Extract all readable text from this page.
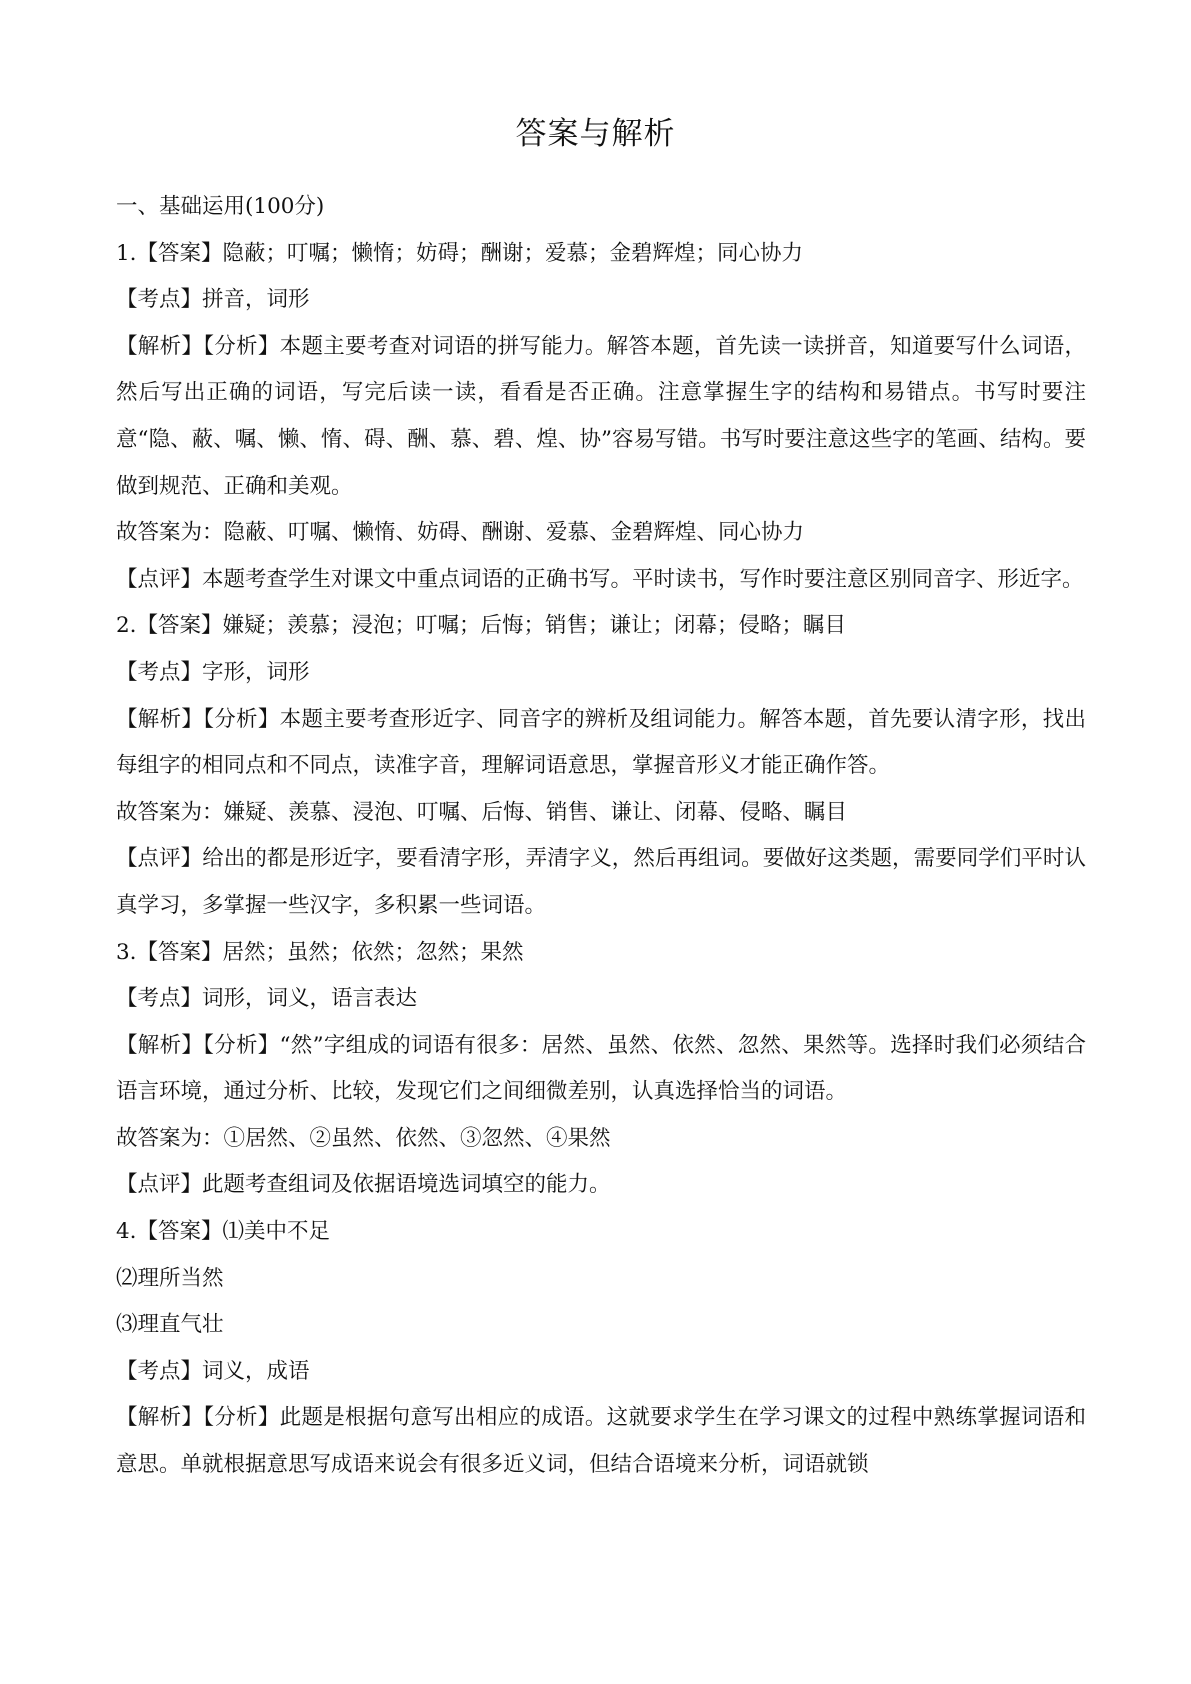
答案与解析
一、基础运用(100分)
1.【答案】隐蔽；叮嘱；懒惰；妨碍；酬谢；爱慕；金碧辉煌；同心协力
【考点】拼音，词形
【解析】【分析】本题主要考查对词语的拼写能力。解答本题，首先读一读拼音，知道要写什么词语，然后写出正确的词语，写完后读一读，看看是否正确。注意掌握生字的结构和易错点。书写时要注意“隐、蔽、嘱、懒、惰、碍、酬、慕、碧、煌、协”容易写错。书写时要注意这些字的笔画、结构。要做到规范、正确和美观。
故答案为：隐蔽、叮嘱、懒惰、妨碍、酬谢、爱慕、金碧辉煌、同心协力
【点评】本题考查学生对课文中重点词语的正确书写。平时读书，写作时要注意区别同音字、形近字。
2.【答案】嫌疑；羡慕；浸泡；叮嘱；后悔；销售；谦让；闭幕；侵略；瞩目
【考点】字形，词形
【解析】【分析】本题主要考查形近字、同音字的辨析及组词能力。解答本题，首先要认清字形，找出每组字的相同点和不同点，读准字音，理解词语意思，掌握音形义才能正确作答。
故答案为：嫌疑、羡慕、浸泡、叮嘱、后悔、销售、谦让、闭幕、侵略、瞩目
【点评】给出的都是形近字，要看清字形，弄清字义，然后再组词。要做好这类题，需要同学们平时认真学习，多掌握一些汉字，多积累一些词语。
3.【答案】居然；虽然；依然；忽然；果然
【考点】词形，词义，语言表达
【解析】【分析】“然”字组成的词语有很多：居然、虽然、依然、忽然、果然等。选择时我们必须结合语言环境，通过分析、比较，发现它们之间细微差别，认真选择恰当的词语。
故答案为：①居然、②虽然、依然、③忽然、④果然
【点评】此题考查组词及依据语境选词填空的能力。
4.【答案】⑴美中不足
⑵理所当然
⑶理直气壮
【考点】词义，成语
【解析】【分析】此题是根据句意写出相应的成语。这就要求学生在学习课文的过程中熟练掌握词语和意思。单就根据意思写成语来说会有很多近义词，但结合语境来分析，词语就锁
